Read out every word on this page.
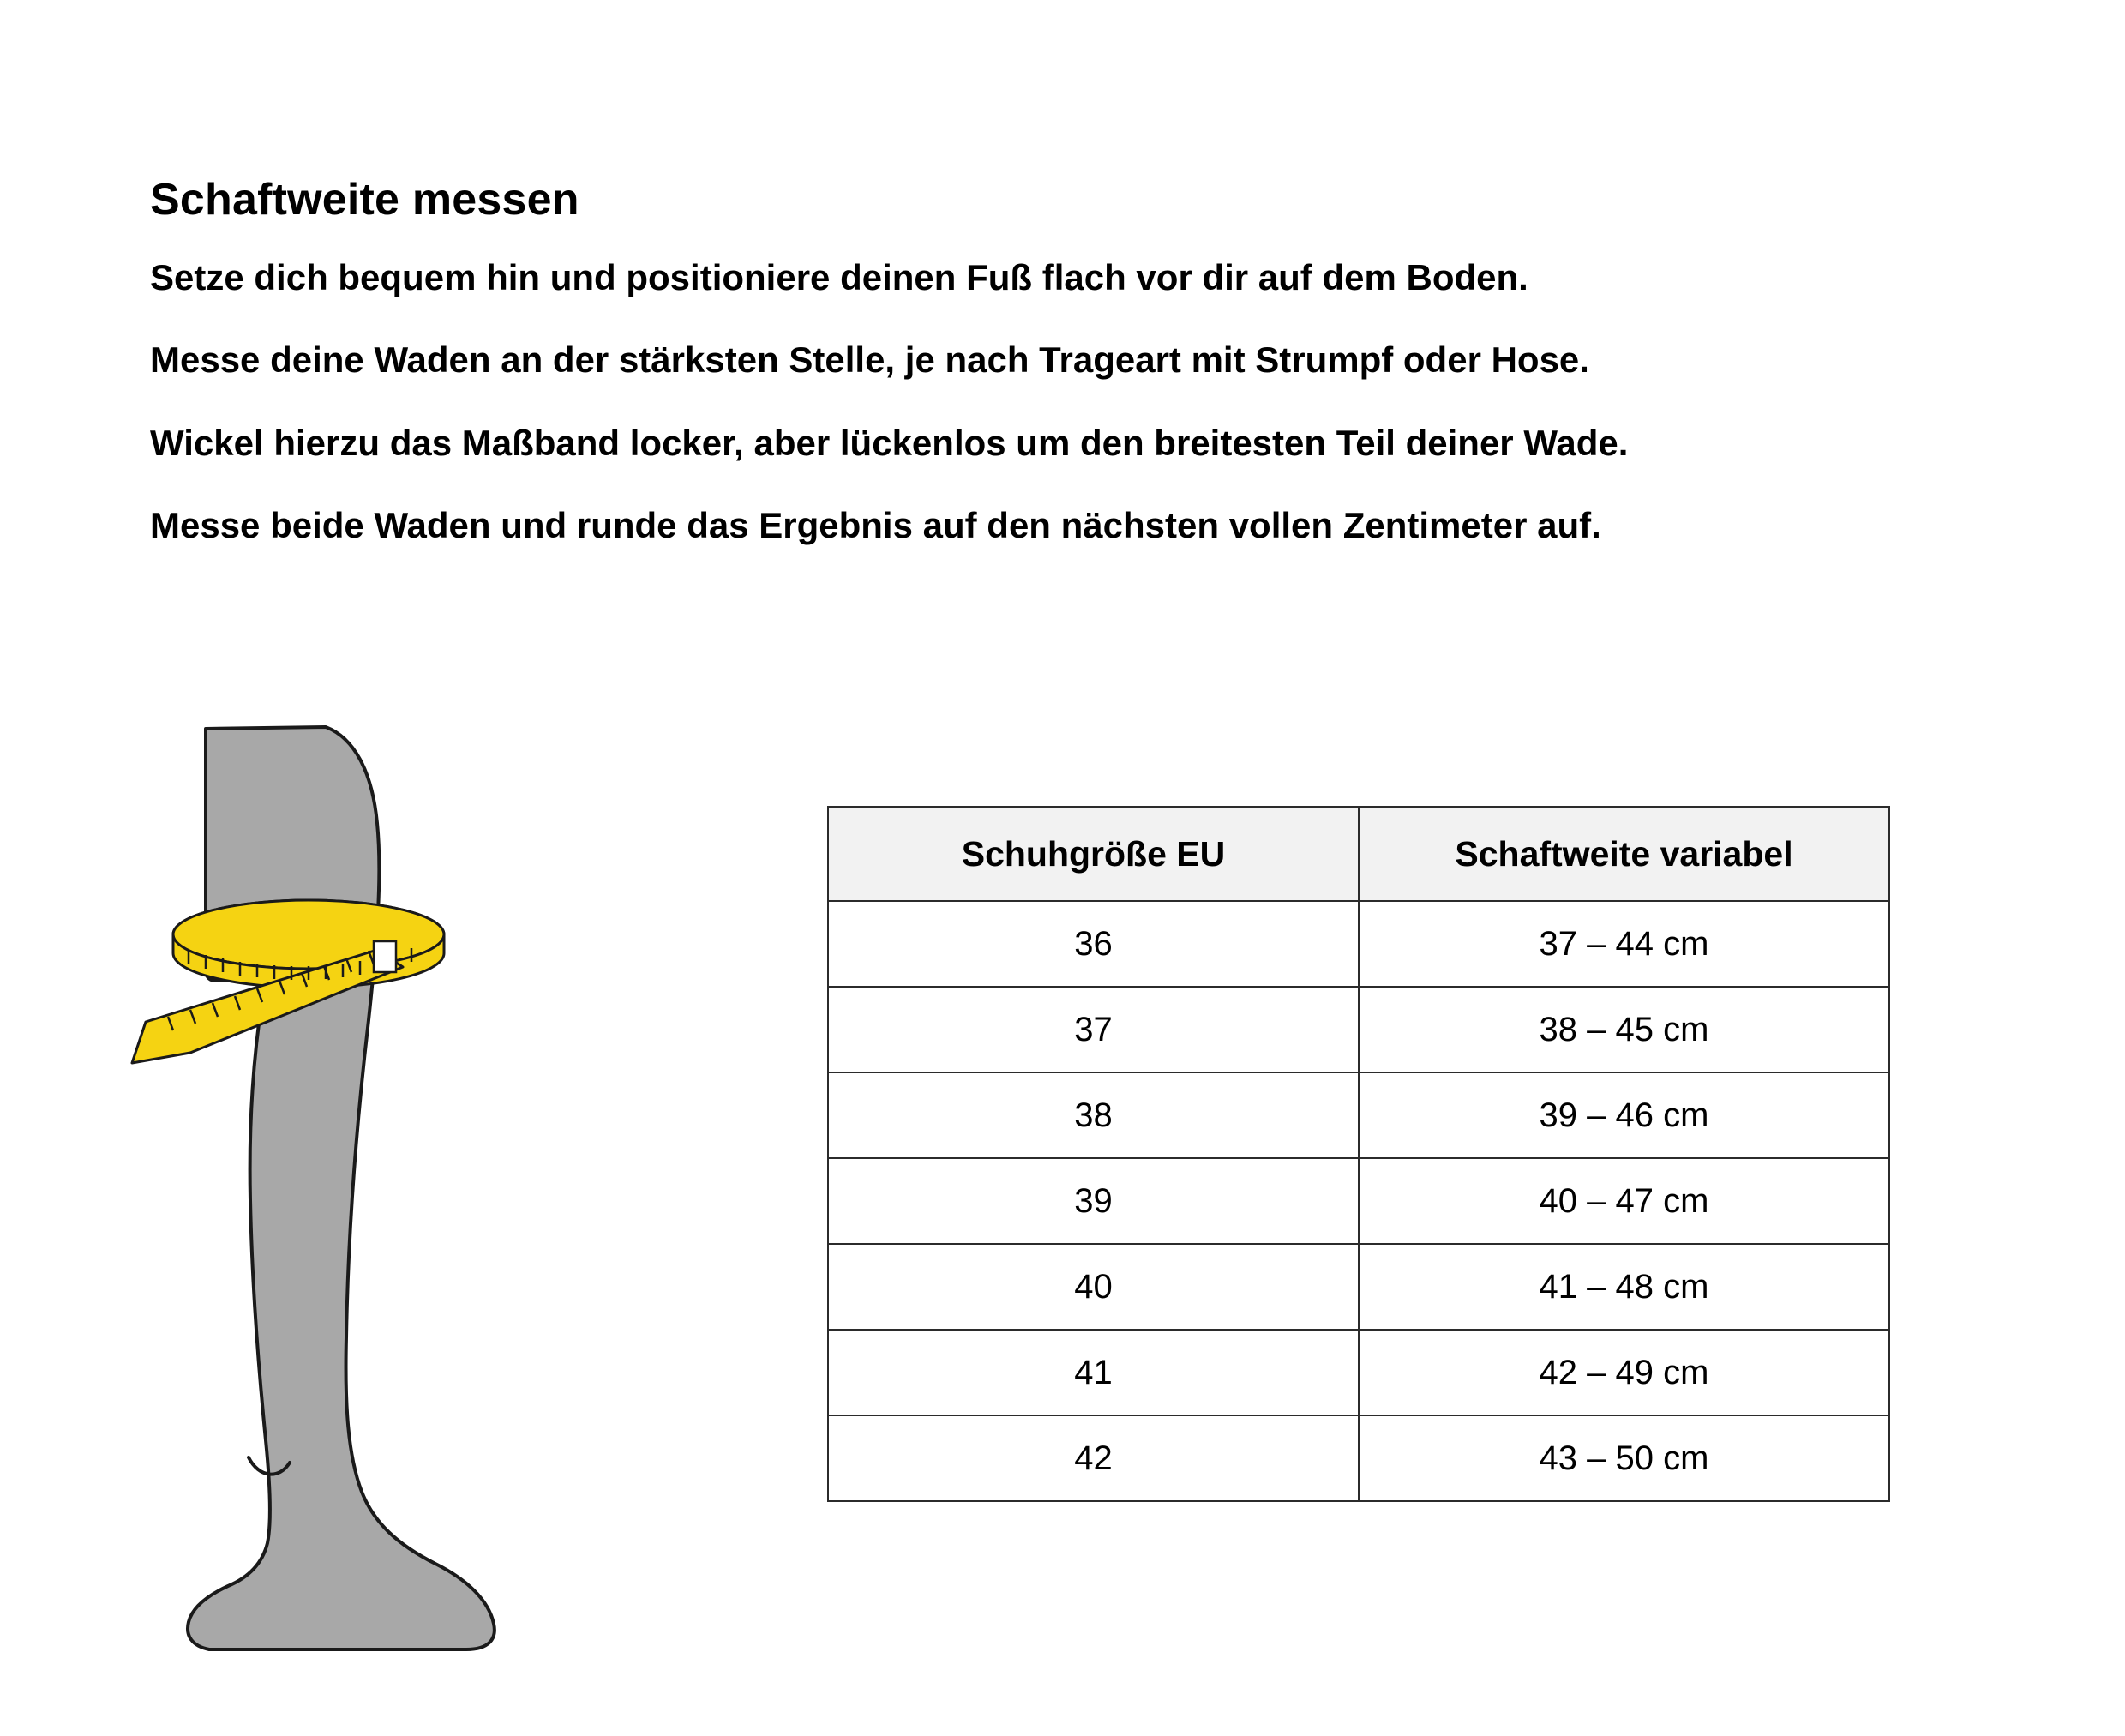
Schaftweite messen

Setze dich bequem hin und positioniere deinen Fuß flach vor dir auf dem Boden.

Messe deine Waden an der stärksten Stelle, je nach Trageart mit Strumpf oder Hose.

Wickel hierzu das Maßband locker, aber lückenlos um den breitesten Teil deiner Wade.

Messe beide Waden und runde das Ergebnis auf den nächsten vollen Zentimeter auf.

Schuhgröße EU	Schaftweite variabel
36	37 – 44 cm
37	38 – 45 cm
38	39 – 46 cm
39	40 – 47 cm
40	41 – 48 cm
41	42 – 49 cm
42	43 – 50 cm
